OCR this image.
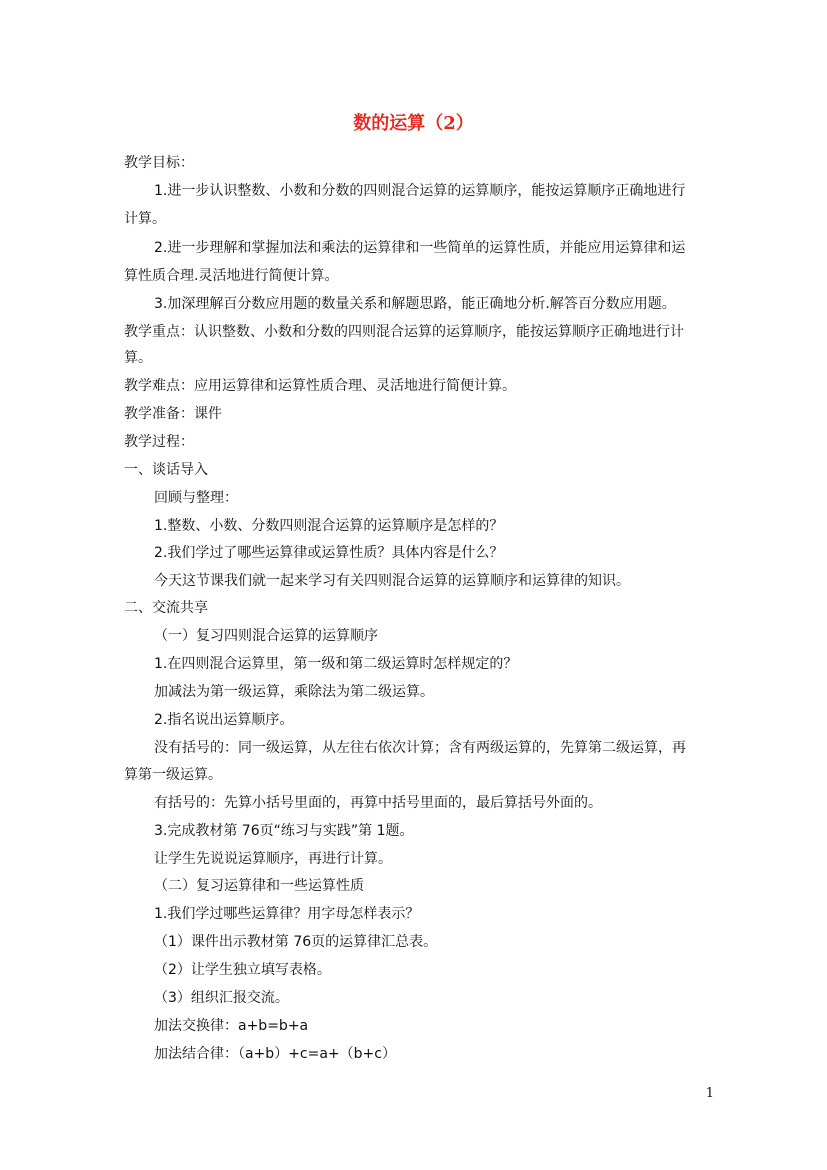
数的运算（2）
教学目标：
1.进一步认识整数、小数和分数的四则混合运算的运算顺序，能按运算顺序正确地进行
计算。
2.进一步理解和掌握加法和乘法的运算律和一些简单的运算性质，并能应用运算律和运
算性质合理.灵活地进行简便计算。
3.加深理解百分数应用题的数量关系和解题思路，能正确地分析.解答百分数应用题。
教学重点：认识整数、小数和分数的四则混合运算的运算顺序，能按运算顺序正确地进行计
算。
教学难点：应用运算律和运算性质合理、灵活地进行简便计算。
教学准备：课件
教学过程：
一、谈话导入
回顾与整理：
1.整数、小数、分数四则混合运算的运算顺序是怎样的？
2.我们学过了哪些运算律或运算性质？具体内容是什么？
今天这节课我们就一起来学习有关四则混合运算的运算顺序和运算律的知识。
二、交流共享
（一）复习四则混合运算的运算顺序
1.在四则混合运算里，第一级和第二级运算时怎样规定的？
加减法为第一级运算，乘除法为第二级运算。
2.指名说出运算顺序。
没有括号的：同一级运算，从左往右依次计算；含有两级运算的，先算第二级运算，再
算第一级运算。
有括号的：先算小括号里面的，再算中括号里面的，最后算括号外面的。
3.完成教材第 76页“练习与实践”第 1题。
让学生先说说运算顺序，再进行计算。
（二）复习运算律和一些运算性质
1.我们学过哪些运算律？用字母怎样表示？
（1）课件出示教材第 76页的运算律汇总表。
（2）让学生独立填写表格。
（3）组织汇报交流。
加法交换律：a+b=b+a
加法结合律：（a+b）+c=a+（b+c）
1
